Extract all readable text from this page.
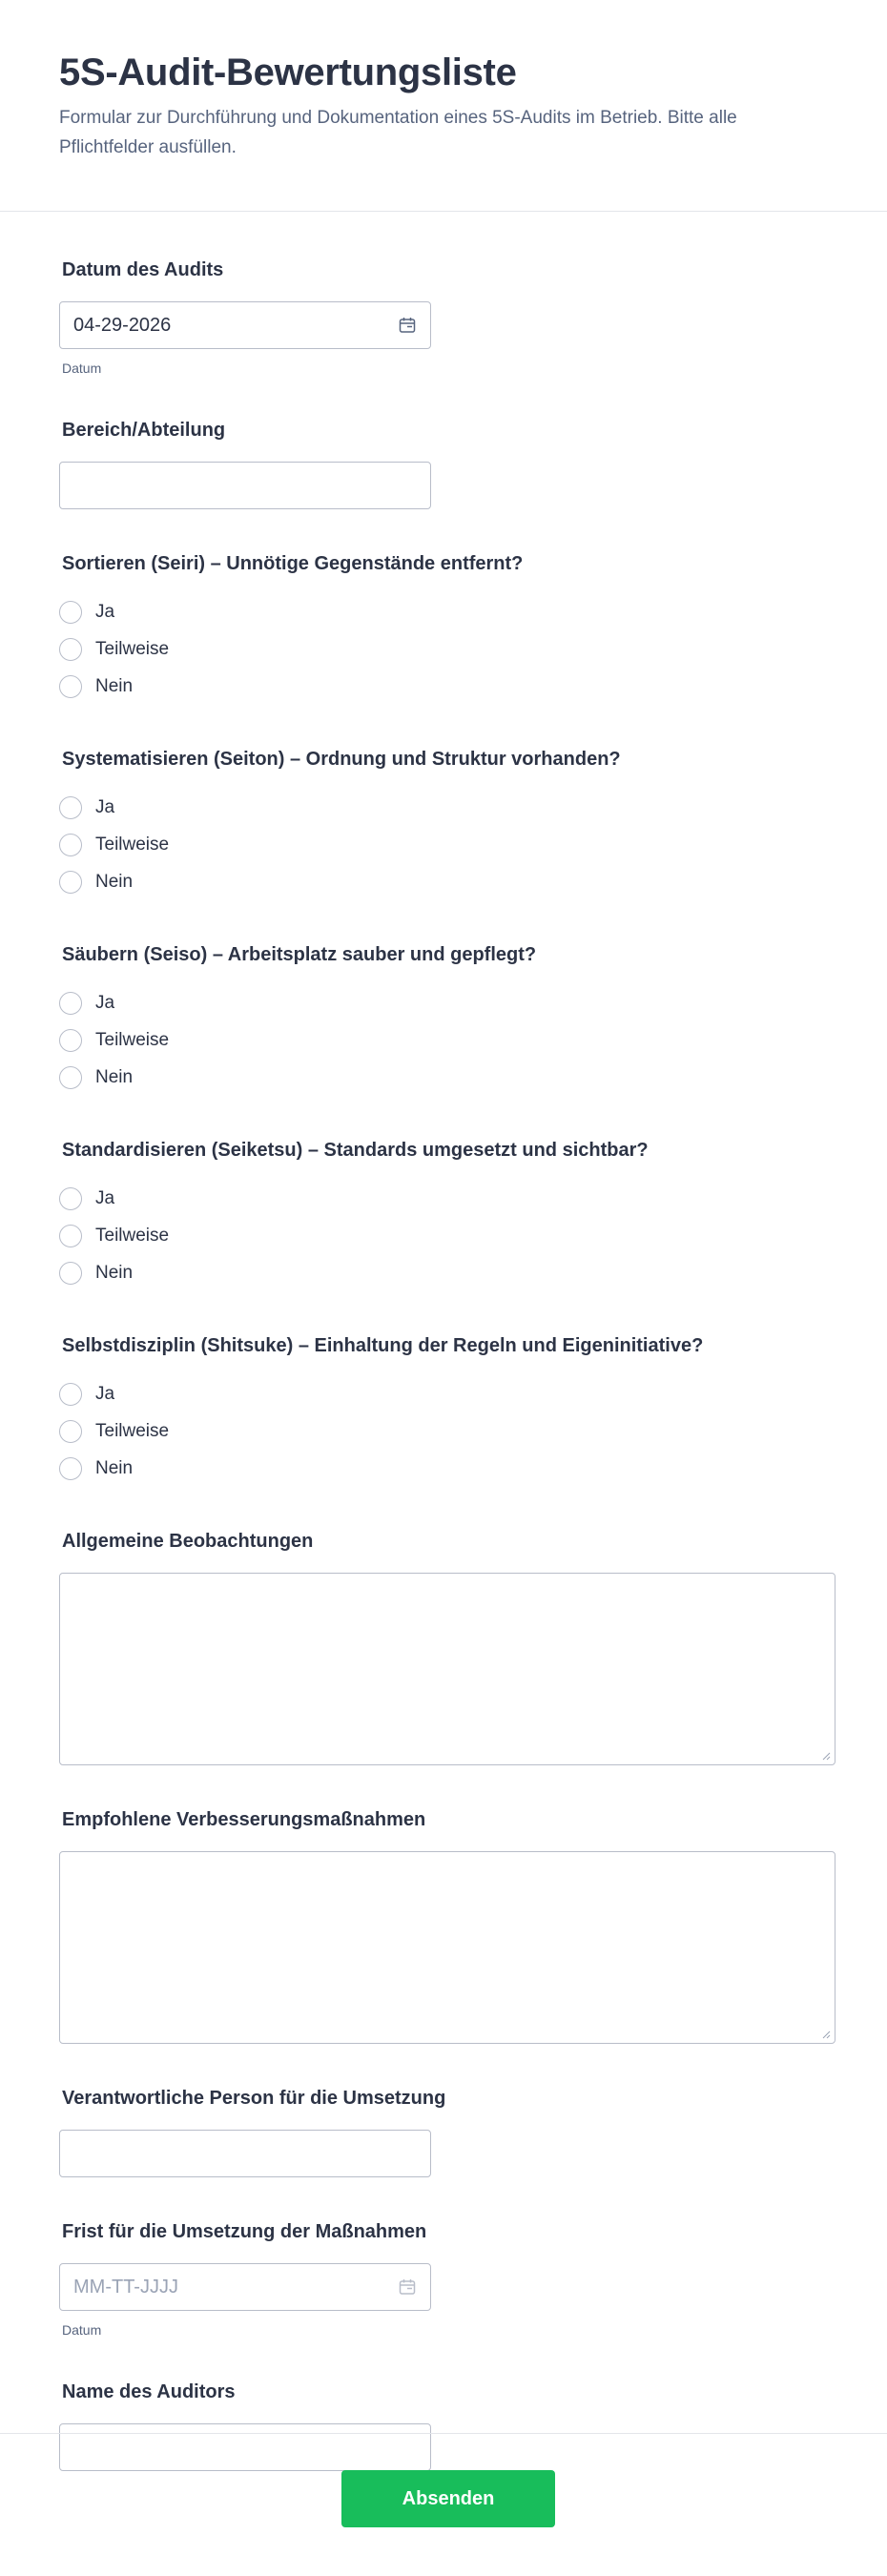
5S-Audit-Bewertungsliste

Formular zur Durchführung und Dokumentation eines 5S-Audits im Betrieb. Bitte alle Pflichtfelder ausfüllen.

Datum des Audits
04-29-2026
Datum
Bereich/Abteilung
Sortieren (Seiri) – Unnötige Gegenstände entfernt?
Ja
Teilweise
Nein
Systematisieren (Seiton) – Ordnung und Struktur vorhanden?
Ja
Teilweise
Nein
Säubern (Seiso) – Arbeitsplatz sauber und gepflegt?
Ja
Teilweise
Nein
Standardisieren (Seiketsu) – Standards umgesetzt und sichtbar?
Ja
Teilweise
Nein
Selbstdisziplin (Shitsuke) – Einhaltung der Regeln und Eigeninitiative?
Ja
Teilweise
Nein
Allgemeine Beobachtungen
Empfohlene Verbesserungsmaßnahmen
Verantwortliche Person für die Umsetzung
Frist für die Umsetzung der Maßnahmen
MM-TT-JJJJ
Datum
Name des Auditors
Absenden
